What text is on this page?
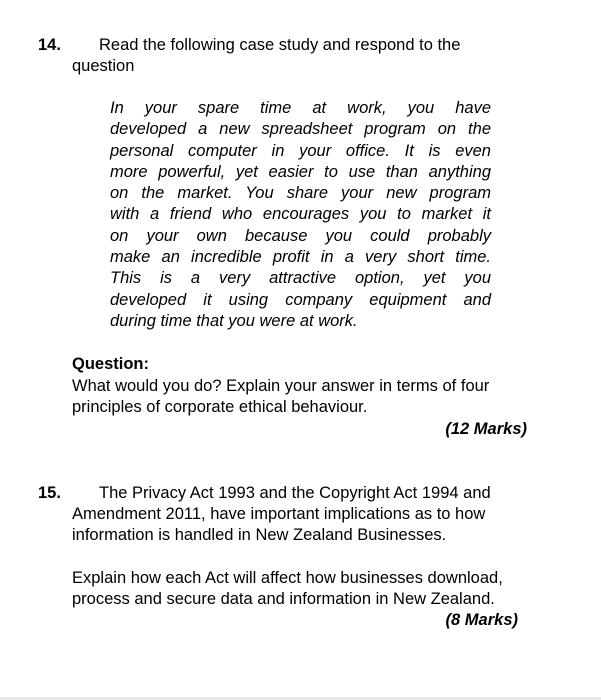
14. Read the following case study and respond to the
question
In your spare time at work, you have
developed a new spreadsheet program on the
personal computer in your office. It is even
more powerful, yet easier to use than anything
on the market. You share your new program
with a friend who encourages you to market it
on your own because you could probably
make an incredible profit in a very short time.
This is a very attractive option, yet you
developed it using company equipment and
during time that you were at work.
Question:
What would you do? Explain your answer in terms of four
principles of corporate ethical behaviour.
(12 Marks)
15. The Privacy Act 1993 and the Copyright Act 1994 and
Amendment 2011, have important implications as to how
information is handled in New Zealand Businesses.
Explain how each Act will affect how businesses download,
process and secure data and information in New Zealand.
(8 Marks)
